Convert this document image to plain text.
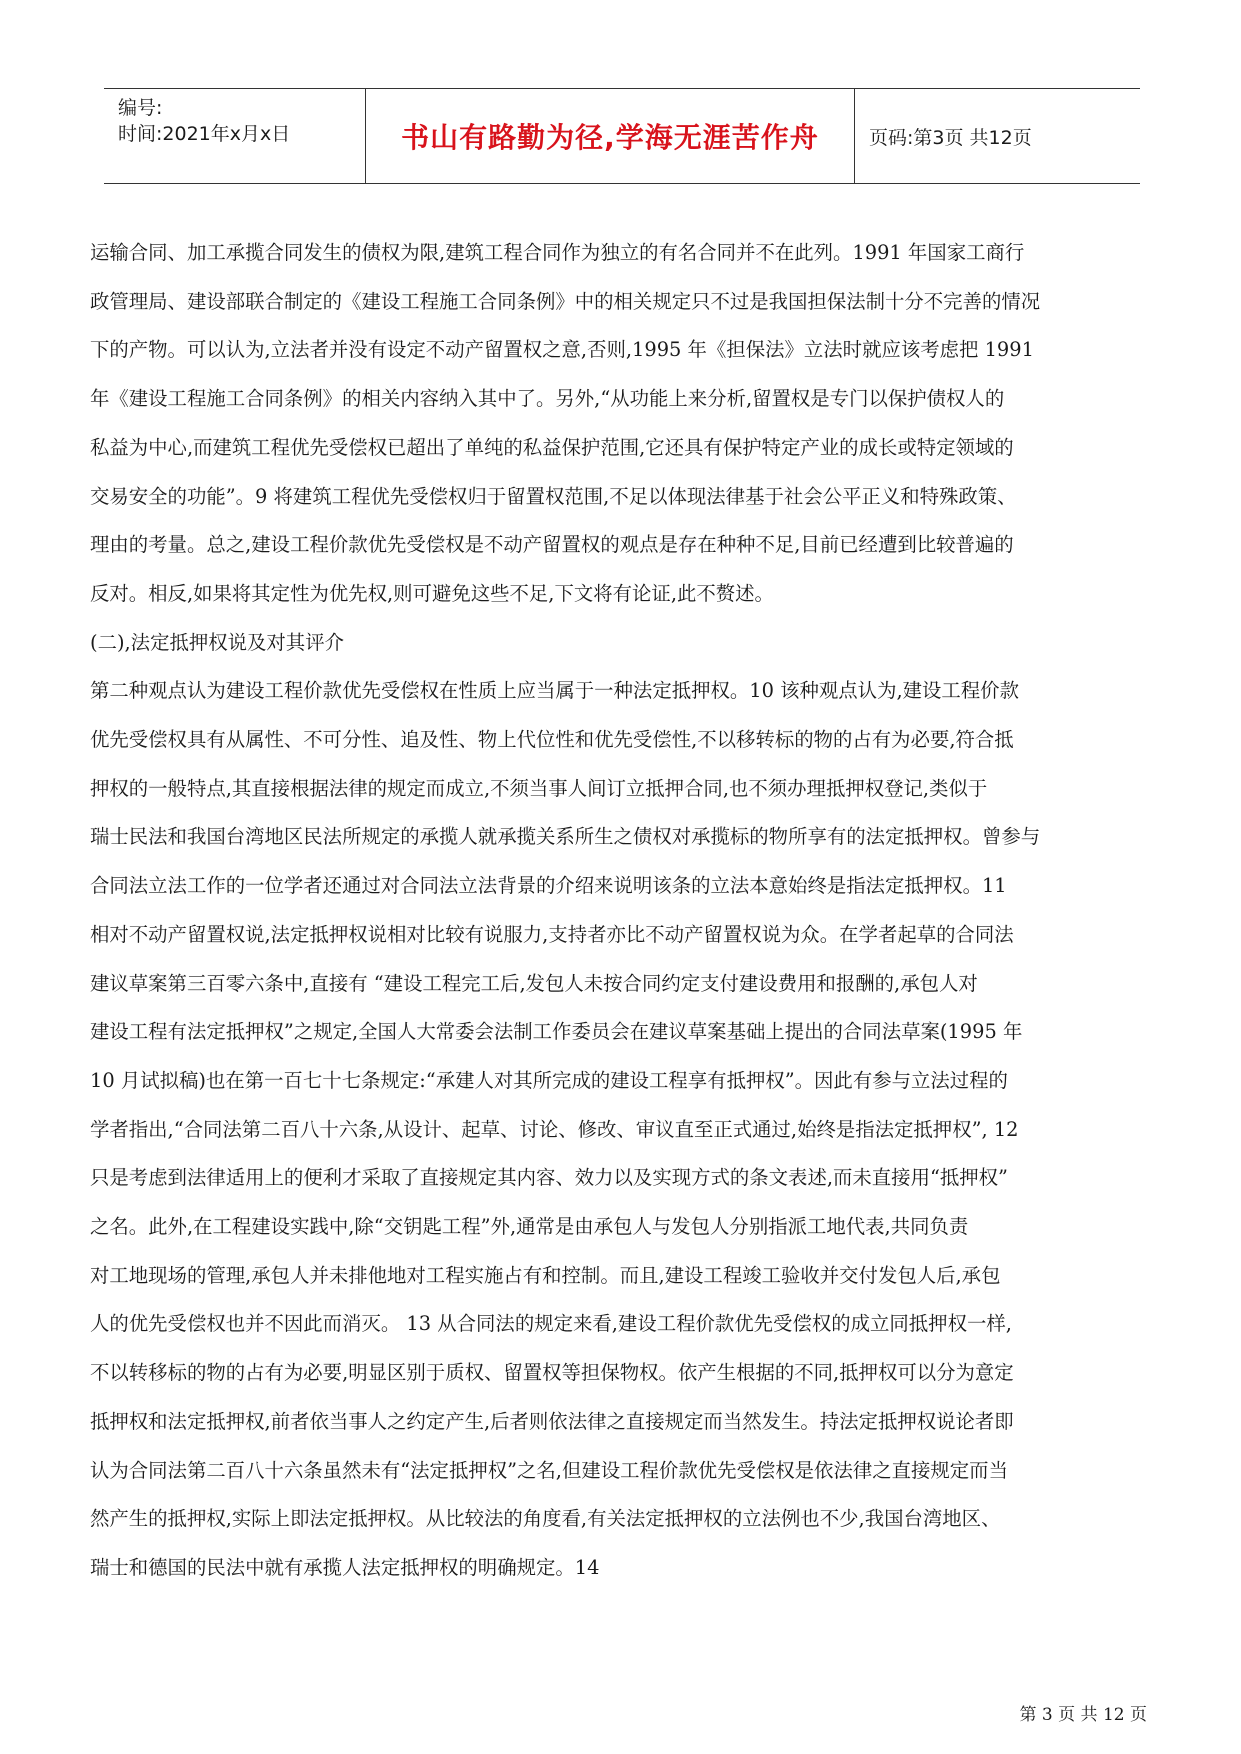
编号:
时间:2021年x月x日	书山有路勤为径,学海无涯苦作舟	页码:第3页 共12页

运输合同、加工承揽合同发生的债权为限,建筑工程合同作为独立的有名合同并不在此列。1991 年国家工商行

政管理局、建设部联合制定的《建设工程施工合同条例》中的相关规定只不过是我国担保法制十分不完善的情况

下的产物。可以认为,立法者并没有设定不动产留置权之意,否则,1995 年《担保法》立法时就应该考虑把 1991

年《建设工程施工合同条例》的相关内容纳入其中了。另外,“从功能上来分析,留置权是专门以保护债权人的

私益为中心,而建筑工程优先受偿权已超出了单纯的私益保护范围,它还具有保护特定产业的成长或特定领域的

交易安全的功能”。9 将建筑工程优先受偿权归于留置权范围,不足以体现法律基于社会公平正义和特殊政策、

理由的考量。总之,建设工程价款优先受偿权是不动产留置权的观点是存在种种不足,目前已经遭到比较普遍的

反对。相反,如果将其定性为优先权,则可避免这些不足,下文将有论证,此不赘述。

(二),法定抵押权说及对其评介

第二种观点认为建设工程价款优先受偿权在性质上应当属于一种法定抵押权。10 该种观点认为,建设工程价款

优先受偿权具有从属性、不可分性、追及性、物上代位性和优先受偿性,不以移转标的物的占有为必要,符合抵

押权的一般特点,其直接根据法律的规定而成立,不须当事人间订立抵押合同,也不须办理抵押权登记,类似于

瑞士民法和我国台湾地区民法所规定的承揽人就承揽关系所生之债权对承揽标的物所享有的法定抵押权。曾参与

合同法立法工作的一位学者还通过对合同法立法背景的介绍来说明该条的立法本意始终是指法定抵押权。11

相对不动产留置权说,法定抵押权说相对比较有说服力,支持者亦比不动产留置权说为众。在学者起草的合同法

建议草案第三百零六条中,直接有 “建设工程完工后,发包人未按合同约定支付建设费用和报酬的,承包人对

建设工程有法定抵押权”之规定,全国人大常委会法制工作委员会在建议草案基础上提出的合同法草案(1995 年

10 月试拟稿)也在第一百七十七条规定:“承建人对其所完成的建设工程享有抵押权”。因此有参与立法过程的

学者指出,“合同法第二百八十六条,从设计、起草、讨论、修改、审议直至正式通过,始终是指法定抵押权”, 12

只是考虑到法律适用上的便利才采取了直接规定其内容、效力以及实现方式的条文表述,而未直接用“抵押权”

之名。此外,在工程建设实践中,除“交钥匙工程”外,通常是由承包人与发包人分别指派工地代表,共同负责

对工地现场的管理,承包人并未排他地对工程实施占有和控制。而且,建设工程竣工验收并交付发包人后,承包

人的优先受偿权也并不因此而消灭。 13 从合同法的规定来看,建设工程价款优先受偿权的成立同抵押权一样,

不以转移标的物的占有为必要,明显区别于质权、留置权等担保物权。依产生根据的不同,抵押权可以分为意定

抵押权和法定抵押权,前者依当事人之约定产生,后者则依法律之直接规定而当然发生。持法定抵押权说论者即

认为合同法第二百八十六条虽然未有“法定抵押权”之名,但建设工程价款优先受偿权是依法律之直接规定而当

然产生的抵押权,实际上即法定抵押权。从比较法的角度看,有关法定抵押权的立法例也不少,我国台湾地区、

瑞士和德国的民法中就有承揽人法定抵押权的明确规定。14

第 3 页 共 12 页
